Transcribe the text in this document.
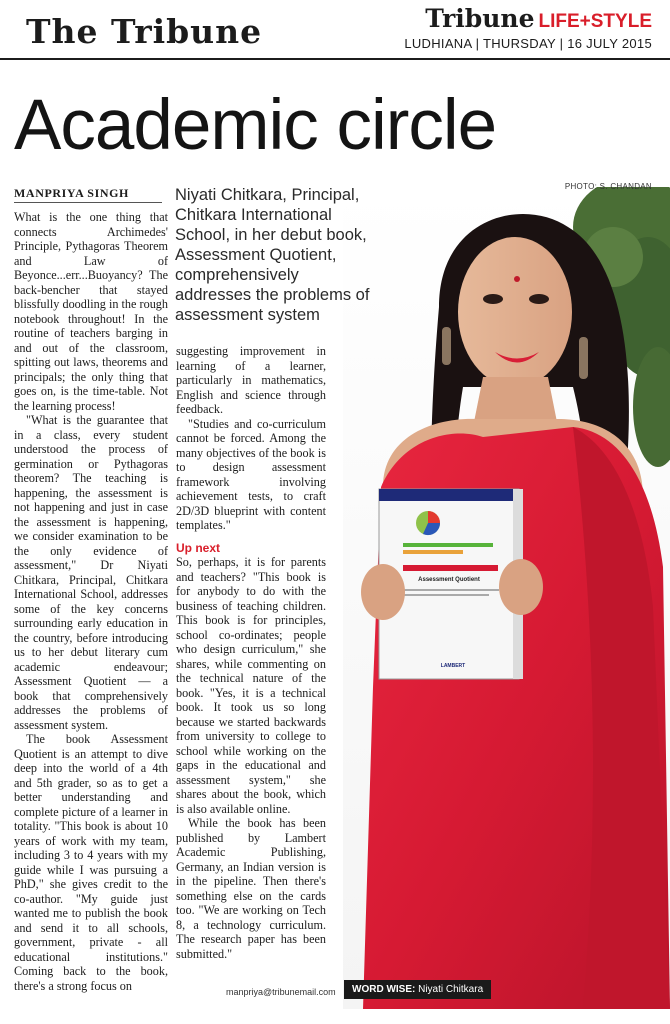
The Tribune	Tribune LIFE+STYLE
LUDHIANA | THURSDAY | 16 JULY 2015
Academic circle
MANPRIYA SINGH
Assessment Quotient
LAMBERT
PHOTO: S. CHANDAN
Niyati Chitkara, Principal, Chitkara International School, in her debut book, Assessment Quotient, comprehensively addresses the problems of assessment system

What is the one thing that connects Archimedes' Principle, Pythagoras Theorem and Law of Beyonce...err...Buoyancy? The back-bencher that stayed blissfully doodling in the rough notebook throughout! In the routine of teachers barging in and out of the classroom, spitting out laws, theorems and principals; the only thing that goes on, is the time-table. Not the learning process!

"What is the guarantee that in a class, every student understood the process of germination or Pythagoras theorem? The teaching is happening, the assessment is not happening and just in case the assessment is happening, we consider examination to be the only evidence of assessment," Dr Niyati Chitkara, Principal, Chitkara International School, addresses some of the key concerns surrounding early education in the country, before introducing us to her debut literary cum academic endeavour; Assessment Quotient — a book that comprehensively addresses the problems of assessment system.

The book Assessment Quotient is an attempt to dive deep into the world of a 4th and 5th grader, so as to get a better understanding and complete picture of a learner in totality. "This book is about 10 years of work with my team, including 3 to 4 years with my guide while I was pursuing a PhD," she gives credit to the co-author. "My guide just wanted me to publish the book and send it to all schools, government, private - all educational institutions." Coming back to the book, there's a strong focus on

suggesting improvement in learning of a learner, particularly in mathematics, English and science through feedback.

"Studies and co-curriculum cannot be forced. Among the many objectives of the book is to design assessment framework involving achievement tests, to craft 2D/3D blueprint with content templates."

Up next

So, perhaps, it is for parents and teachers? "This book is for anybody to do with the business of teaching children. This book is for principles, school co-ordinates; people who design curriculum," she shares, while commenting on the technical nature of the book. "Yes, it is a technical book. It took us so long because we started backwards from university to college to school while working on the gaps in the educational and assessment system," she shares about the book, which is also available online.

While the book has been published by Lambert Academic Publishing, Germany, an Indian version is in the pipeline. Then there's something else on the cards too. "We are working on Tech 8, a technology curriculum. The research paper has been submitted."

manpriya@tribunemail.com	WORD WISE: Niyati Chitkara
